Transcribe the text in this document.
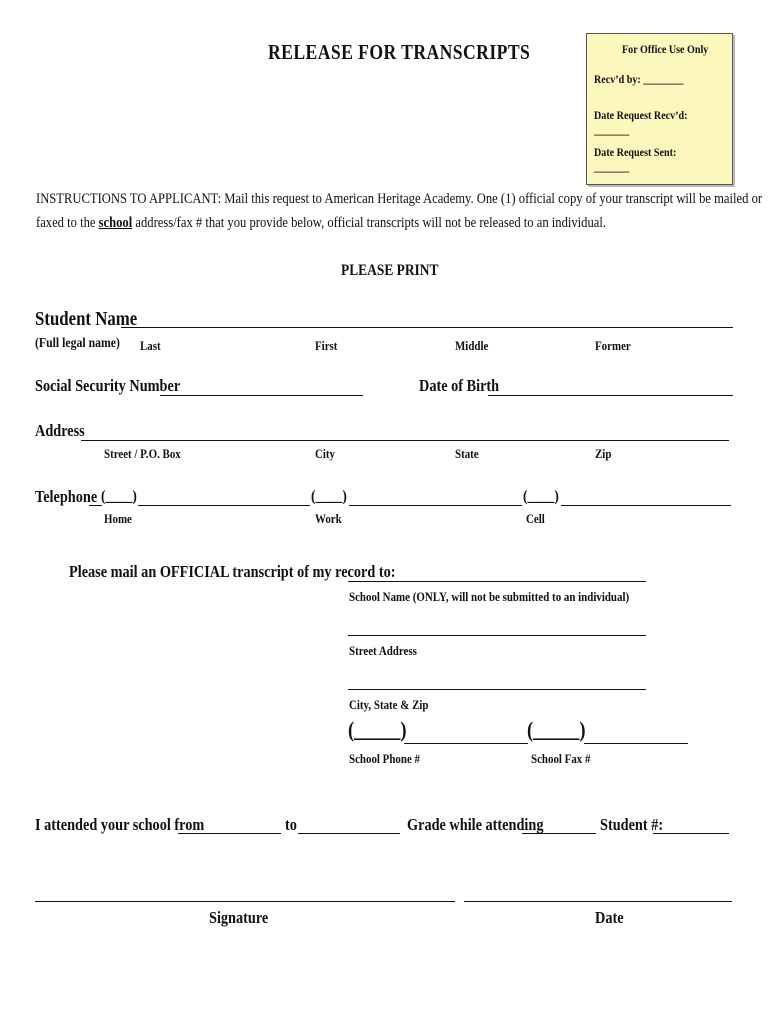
RELEASE FOR TRANSCRIPTS	For Office Use Only
Recv’d by: ________
Date Request Recv’d: _______
Date Request Sent: _______
INSTRUCTIONS TO APPLICANT: Mail this request to American Heritage Academy. One (1) official copy of your transcript will be mailed or
faxed to the school address/fax # that you provide below, official transcripts will not be released to an individual.
PLEASE PRINT
Student Name
(Full legal name)	Last	First	Middle	Former
Social Security Number	Date of Birth
Address
Street / P.O. Box	City	State	Zip
Telephone (____)	(____)	(____)
Home	Work	Cell
Please mail an OFFICIAL transcript of my record to:
School Name (ONLY, will not be submitted to an individual)
Street Address
City, State & Zip
(_____)	(_____)
School Phone #	School Fax #
I attended your school from	to	Grade while attending	Student #:
Signature	Date
